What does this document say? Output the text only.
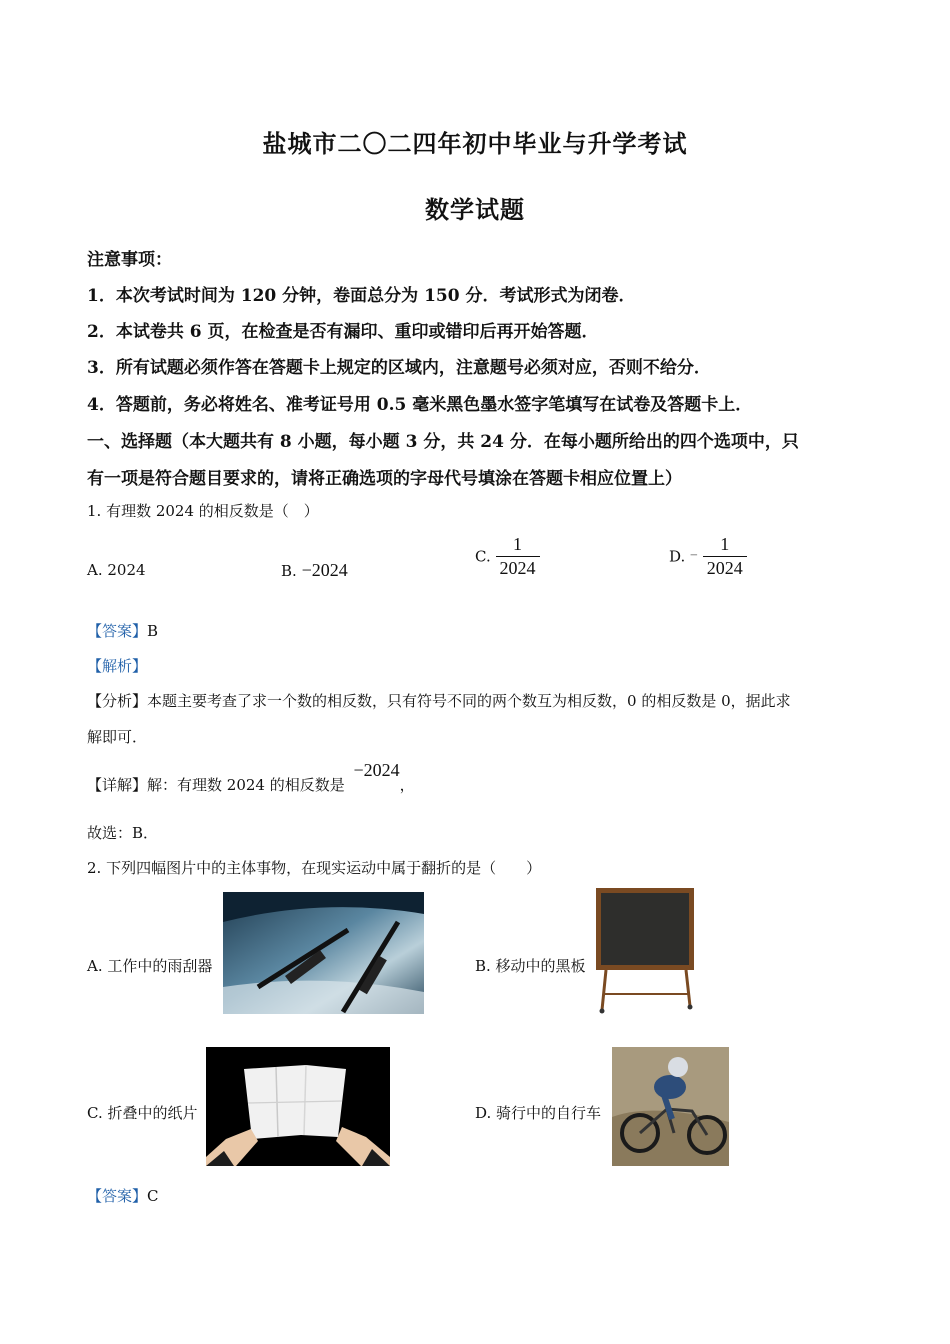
盐城市二〇二四年初中毕业与升学考试
数学试题
注意事项：
1．本次考试时间为 120 分钟，卷面总分为 150 分．考试形式为闭卷．
2．本试卷共 6 页，在检查是否有漏印、重印或错印后再开始答题．
3．所有试题必须作答在答题卡上规定的区域内，注意题号必须对应，否则不给分．
4．答题前，务必将姓名、准考证号用 0.5 毫米黑色墨水签字笔填写在试卷及答题卡上．
一、选择题（本大题共有 8 小题，每小题 3 分，共 24 分．在每小题所给出的四个选项中，只
有一项是符合题目要求的，请将正确选项的字母代号填涂在答题卡相应位置上）
1. 有理数 2024 的相反数是（　）
A. 2024	B. −2024
C. $\frac{1}{2024}$	D. − $\frac{1}{2024}$
【答案】B
【解析】
【分析】本题主要考查了求一个数的相反数，只有符号不同的两个数互为相反数，0 的相反数是 0，据此求
解即可．
【详解】解：有理数 2024 的相反数是 −2024，
故选：B．
2. 下列四幅图片中的主体事物，在现实运动中属于翻折的是（　　）
A. 工作中的雨刮器	B. 移动中的黑板
C. 折叠中的纸片	D. 骑行中的自行车
【答案】C
